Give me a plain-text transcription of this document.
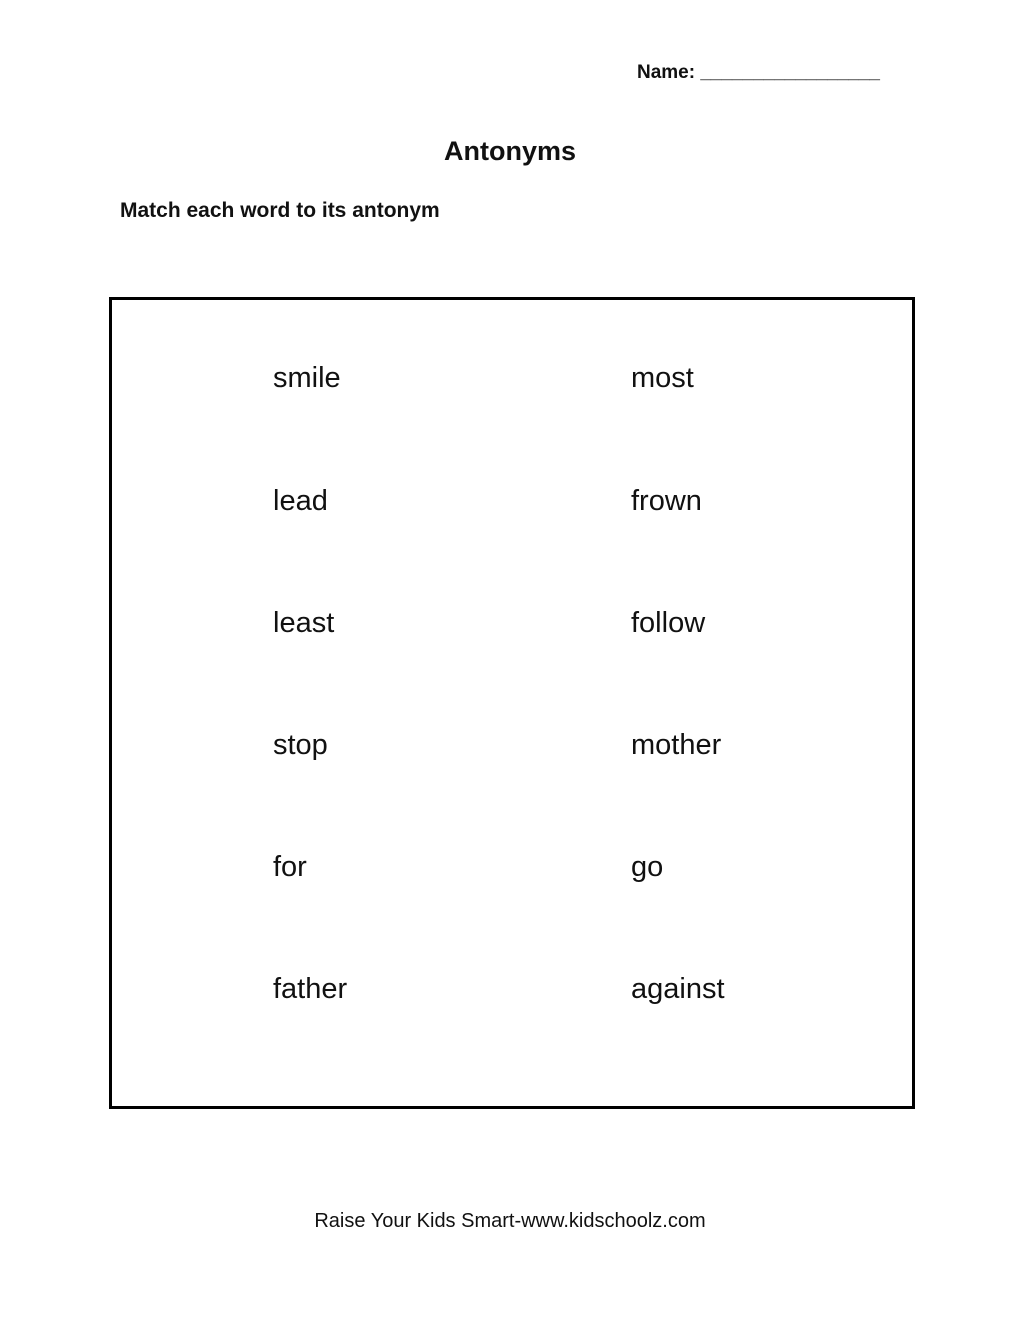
Name: _________________
Antonyms
Match each word to its antonym
smile	most
lead	frown
least	follow
stop	mother
for	go
father	against
Raise Your Kids Smart-www.kidschoolz.com
